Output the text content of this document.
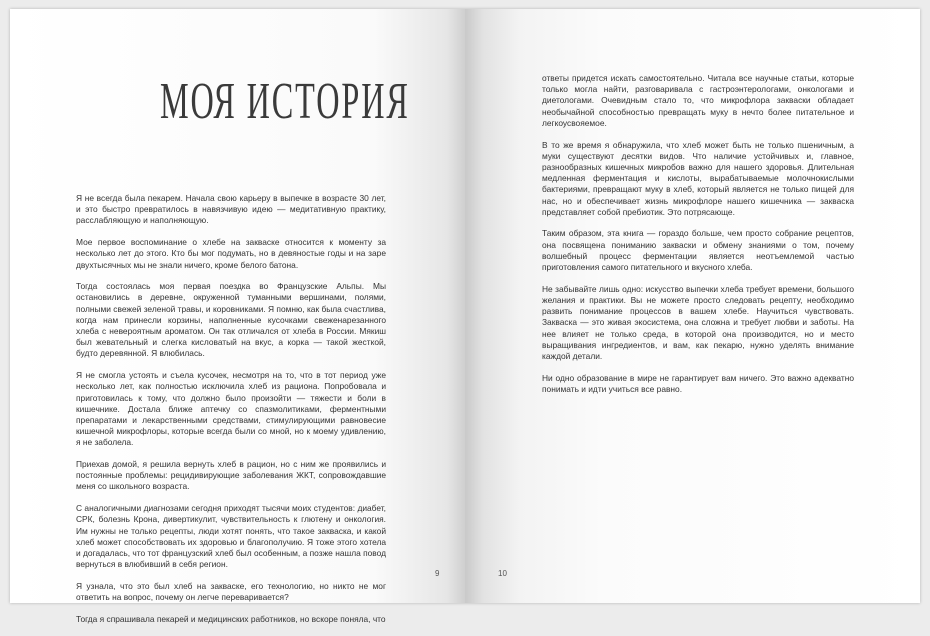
МОЯ ИСТОРИЯ

Я не всегда была пекарем. Начала свою карьеру в выпечке в возрасте 30 лет, и это быстро превратилось в навязчивую идею — медитативную практику, расслабляющую и наполняющую.

Мое первое воспоминание о хлебе на закваске относится к моменту за несколько лет до этого. Кто бы мог подумать, но в девяностые годы и на заре двухтысячных мы не знали ничего, кроме белого батона.

Тогда состоялась моя первая поездка во Французские Альпы. Мы остановились в деревне, окруженной туманными вершинами, полями, полными свежей зеленой травы, и коровниками. Я помню, как была счастлива, когда нам принесли корзины, наполненные кусочками свеженарезанного хлеба с невероятным ароматом. Он так отличался от хлеба в России. Мякиш был жевательный и слегка кисловатый на вкус, а корка — такой жесткой, будто деревянной. Я влюбилась.

Я не смогла устоять и съела кусочек, несмотря на то, что в тот период уже несколько лет, как полностью исключила хлеб из рациона. Попробовала и приготовилась к тому, что должно было произойти — тяжести и боли в кишечнике. Достала ближе аптечку со спазмолитиками, ферментными препаратами и лекарственными средствами, стимулирующими равновесие кишечной микрофлоры, которые всегда были со мной, но к моему удивлению, я не заболела.

Приехав домой, я решила вернуть хлеб в рацион, но с ним же проявились и постоянные проблемы: рецидивирующие заболевания ЖКТ, сопровождавшие меня со школьного возраста.

С аналогичными диагнозами сегодня приходят тысячи моих студентов: диабет, СРК, болезнь Крона, дивертикулит, чувствительность к глютену и онкология. Им нужны не только рецепты, люди хотят понять, что такое закваска, и какой хлеб может способствовать их здоровью и благополучию. Я тоже этого хотела и догадалась, что тот французский хлеб был особенным, а позже нашла повод вернуться в влюбивший в себя регион.

Я узнала, что это был хлеб на закваске, его технологию, но никто не мог ответить на вопрос, почему он легче переваривается?

Тогда я спрашивала пекарей и медицинских работников, но вскоре поняла, что

9

ответы придется искать самостоятельно. Читала все научные статьи, которые только могла найти, разговаривала с гастроэнтерологами, онкологами и диетологами. Очевидным стало то, что микрофлора закваски обладает необычайной способностью превращать муку в нечто более питательное и легкоусвояемое.

В то же время я обнаружила, что хлеб может быть не только пшеничным, а муки существуют десятки видов. Что наличие устойчивых и, главное, разнообразных кишечных микробов важно для нашего здоровья. Длительная медленная ферментация и кислоты, вырабатываемые молочнокислыми бактериями, превращают муку в хлеб, который является не только пищей для нас, но и обеспечивает жизнь микрофлоре нашего кишечника — закваска представляет собой пребиотик. Это потрясающе.

Таким образом, эта книга — гораздо больше, чем просто собрание рецептов, она посвящена пониманию закваски и обмену знаниями о том, почему волшебный процесс ферментации является неотъемлемой частью приготовления самого питательного и вкусного хлеба.

Не забывайте лишь одно: искусство выпечки хлеба требует времени, большого желания и практики. Вы не можете просто следовать рецепту, необходимо развить понимание процессов в вашем хлебе. Научиться чувствовать. Закваска — это живая экосистема, она сложна и требует любви и заботы. На нее влияет не только среда, в которой она производится, но и место выращивания ингредиентов, и вам, как пекарю, нужно уделять внимание каждой детали.

Ни одно образование в мире не гарантирует вам ничего. Это важно адекватно понимать и идти учиться все равно.

10
